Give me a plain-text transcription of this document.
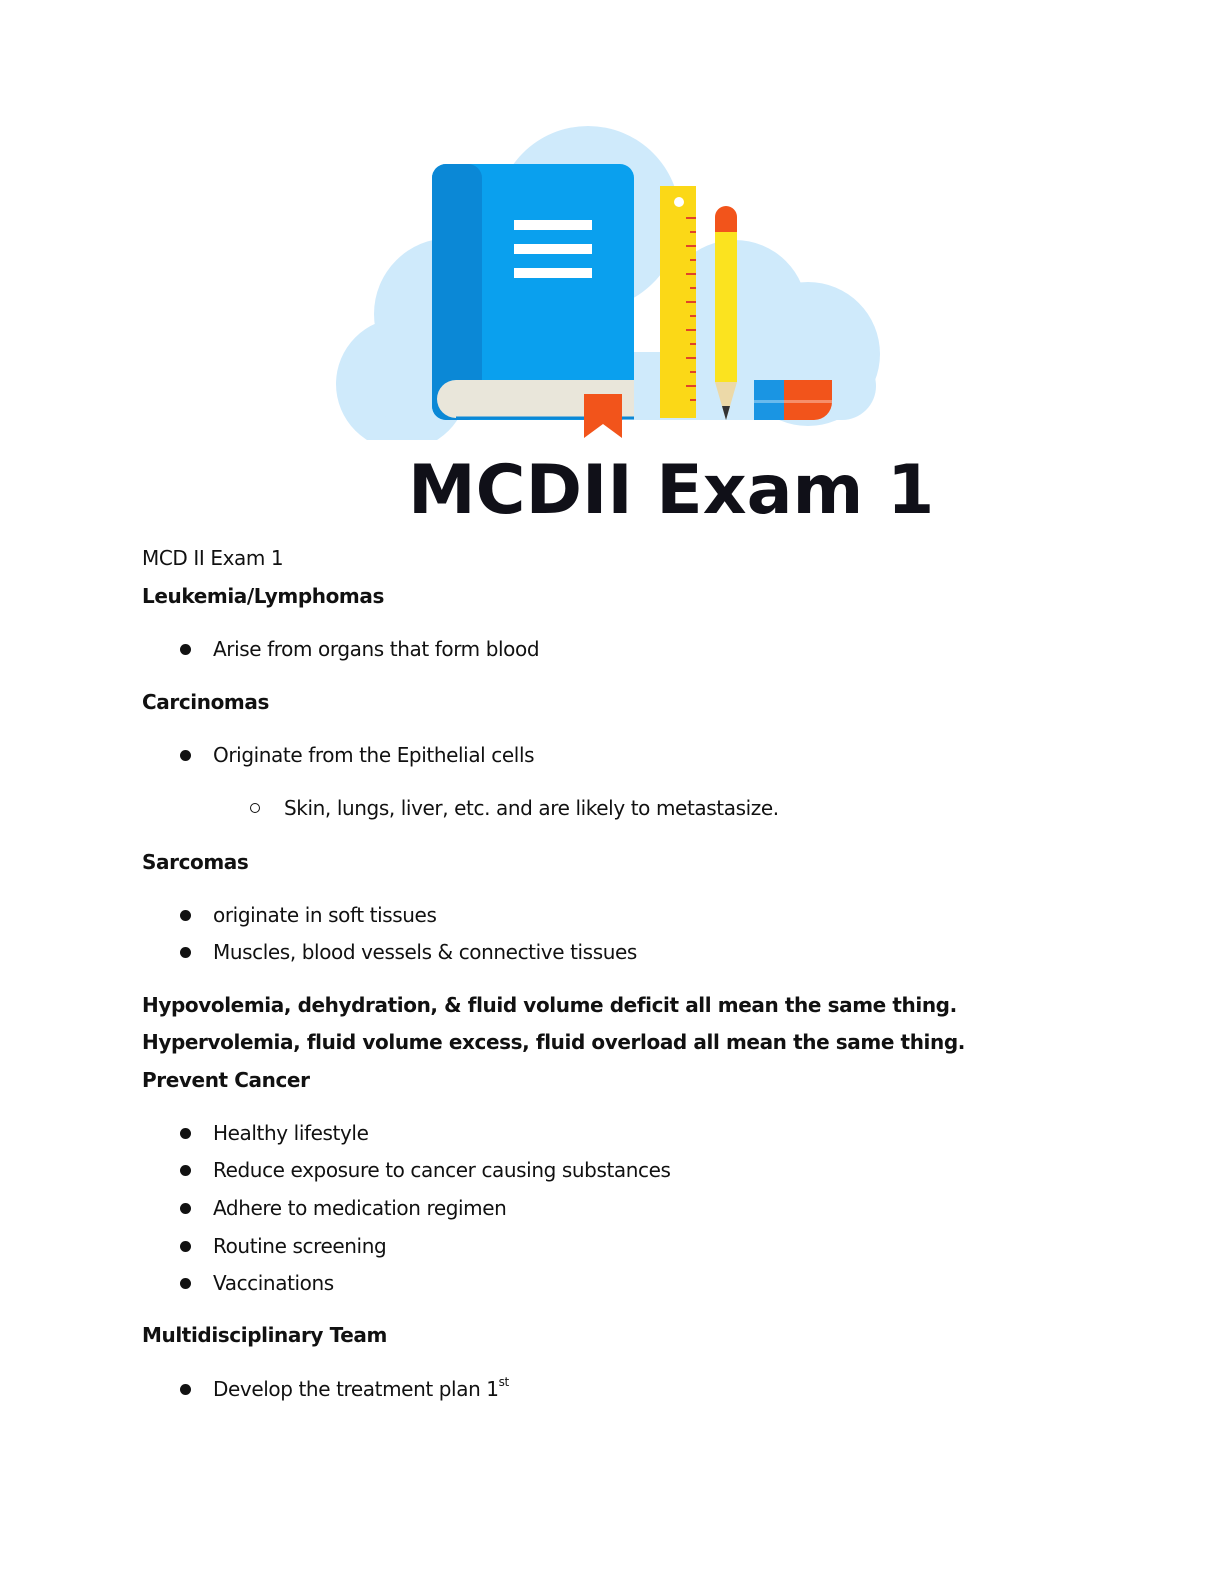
MCDII Exam 1
MCD II Exam 1
Leukemia/Lymphomas
Arise from organs that form blood
Carcinomas
Originate from the Epithelial cells
Skin, lungs, liver, etc. and are likely to metastasize.
Sarcomas
originate in soft tissues
Muscles, blood vessels & connective tissues
Hypovolemia, dehydration, & fluid volume deficit all mean the same thing.
Hypervolemia, fluid volume excess, fluid overload all mean the same thing.
Prevent Cancer
Healthy lifestyle
Reduce exposure to cancer causing substances
Adhere to medication regimen
Routine screening
Vaccinations
Multidisciplinary Team
Develop the treatment plan 1st
